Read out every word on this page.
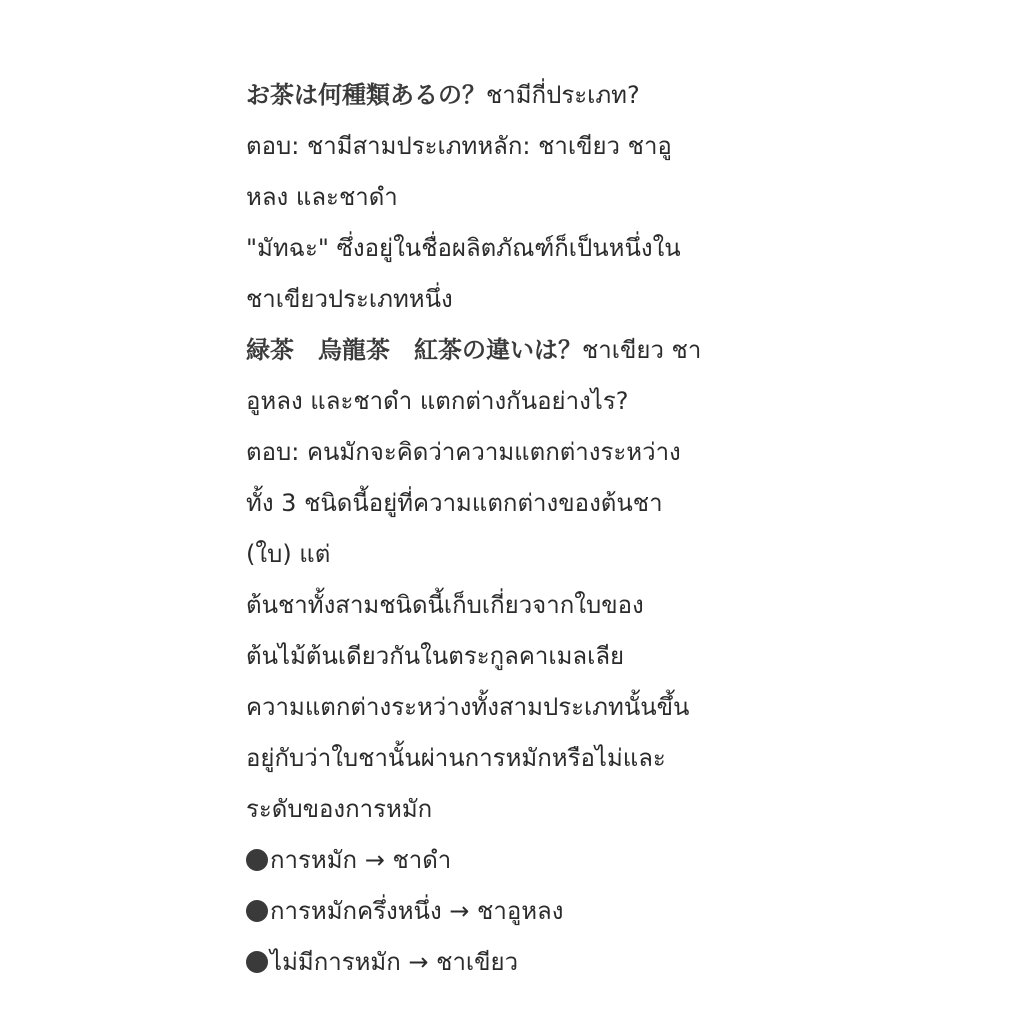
お茶は何種類あるの？ชามีกี่ประเภท?
ตอบ: ชามีสามประเภทหลัก: ชาเขียว ชาอู
หลง และชาดำ
"มัทฉะ" ซึ่งอยู่ในชื่อผลิตภัณฑ์ก็เป็นหนึ่งใน
ชาเขียวประเภทหนึ่ง
緑茶　烏龍茶　紅茶の違いは？ชาเขียว ชา
อูหลง และชาดำ แตกต่างกันอย่างไร?
ตอบ: คนมักจะคิดว่าความแตกต่างระหว่าง
ทั้ง 3 ชนิดนี้อยู่ที่ความแตกต่างของต้นชา
(ใบ) แต่
ต้นชาทั้งสามชนิดนี้เก็บเกี่ยวจากใบของ
ต้นไม้ต้นเดียวกันในตระกูลคาเมลเลีย
ความแตกต่างระหว่างทั้งสามประเภทนั้นขึ้น
อยู่กับว่าใบชานั้นผ่านการหมักหรือไม่และ
ระดับของการหมัก
การหมัก → ชาดำ
การหมักครึ่งหนึ่ง → ชาอูหลง
ไม่มีการหมัก → ชาเขียว
